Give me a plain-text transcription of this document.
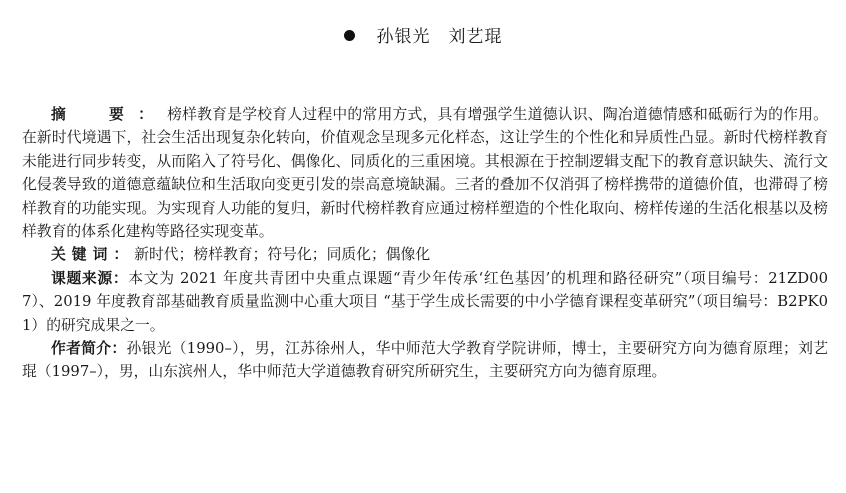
孙银光 刘艺琨

摘　要：榜样教育是学校育人过程中的常用方式，具有增强学生道德认识、陶冶道德情感和砥砺行为的作用。在新时代境遇下，社会生活出现复杂化转向，价值观念呈现多元化样态，这让学生的个性化和异质性凸显。新时代榜样教育未能进行同步转变，从而陷入了符号化、偶像化、同质化的三重困境。其根源在于控制逻辑支配下的教育意识缺失、流行文化侵袭导致的道德意蕴缺位和生活取向变更引发的崇高意境缺漏。三者的叠加不仅消弭了榜样携带的道德价值，也滞碍了榜样教育的功能实现。为实现育人功能的复归，新时代榜样教育应通过榜样塑造的个性化取向、榜样传递的生活化根基以及榜样教育的体系化建构等路径实现变革。

关键词：新时代；榜样教育；符号化；同质化；偶像化

课题来源：本文为 2021 年度共青团中央重点课题“青少年传承‘红色基因’的机理和路径研究”（项目编号：21ZD007）、2019 年度教育部基础教育质量监测中心重大项目 “基于学生成长需要的中小学德育课程变革研究”（项目编号：B2PK01）的研究成果之一。

作者简介：孙银光（1990–），男，江苏徐州人，华中师范大学教育学院讲师，博士，主要研究方向为德育原理；刘艺琨（1997–），男，山东滨州人，华中师范大学道德教育研究所研究生，主要研究方向为德育原理。
